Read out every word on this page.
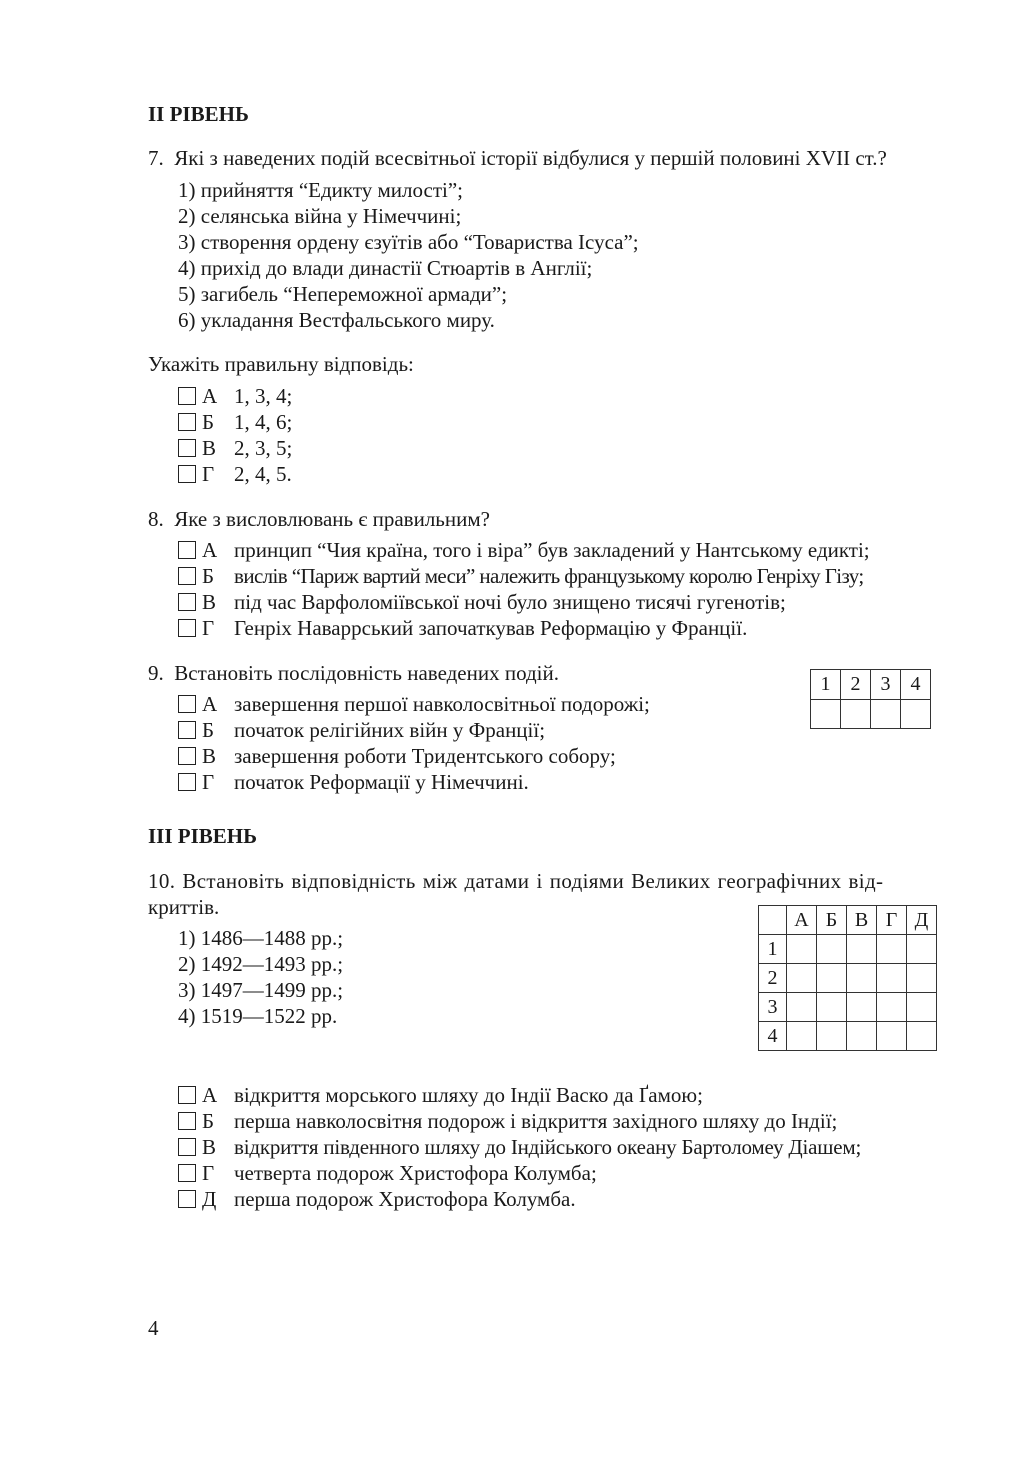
II РІВЕНЬ
7.  Які з наведених подій всесвітньої історії відбулися у першій половині XVII ст.?
1) прийняття “Едикту милості”;
2) селянська війна у Німеччині;
3) створення ордену єзуїтів або “Товариства Ісуса”;
4) прихід до влади династії Стюартів в Англії;
5) загибель “Непереможної армади”;
6) укладання Вестфальського миру.
Укажіть правильну відповідь:
А 1, 3, 4;
Б 1, 4, 6;
В 2, 3, 5;
Г 2, 4, 5.
8.  Яке з висловлювань є правильним?
А принцип “Чия країна, того і віра” був закладений у Нантському едикті;
Б вислів “Париж вартий меси” належить французькому королю Генріху Гізу;
В під час Варфоломіївської ночі було знищено тисячі гугенотів;
Г Генріх Наваррський започаткував Реформацію у Франції.
9.  Встановіть послідовність наведених подій.
А завершення першої навколосвітньої подорожі;
Б початок релігійних війн у Франції;
В завершення роботи Тридентського собору;
Г початок Реформації у Німеччині.
1	2	3	4

III РІВЕНЬ
10. Встановіть відповідність між датами і подіями Великих географічних від-
криттів.
1) 1486—1488 рр.;
2) 1492—1493 рр.;
3) 1497—1499 рр.;
4) 1519—1522 рр.
	А	Б	В	Г	Д
1					
2					
3					
4					
А відкриття морського шляху до Індії Васко да Ґамою;
Б перша навколосвітня подорож і відкриття західного шляху до Індії;
В відкриття південного шляху до Індійського океану Бартоломеу Діашем;
Г четверта подорож Христофора Колумба;
Д перша подорож Христофора Колумба.
4
